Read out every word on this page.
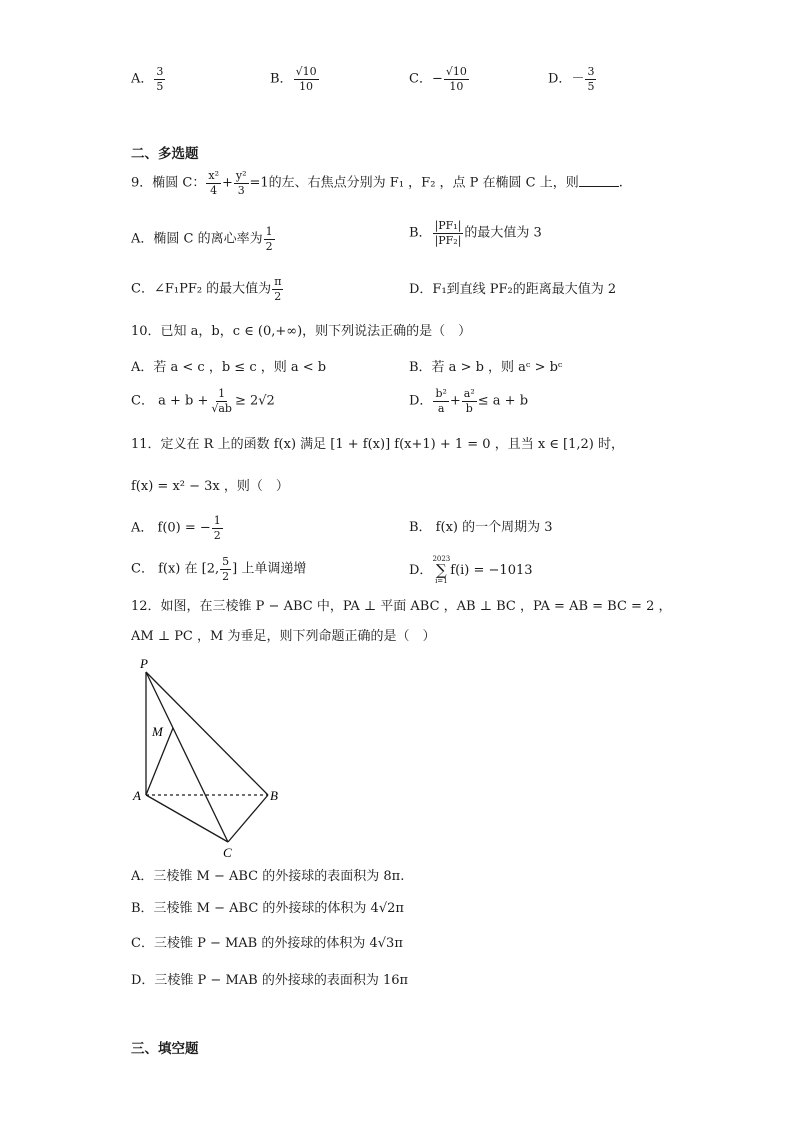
A． $\frac{3}{5}$	B． $\frac{√10}{10}$	C．− $\frac{√10}{10}$	D．－ $\frac{3}{5}$
二、多选题
9．椭圆 C： $\frac{\text{x²}}{4} + \frac{\text{y²}}{3} =1$的左、右焦点分别为 F₁ ，F₂ ，点 P 在椭圆 C 上，则	.
A．椭圆 C 的离心率为 $\frac{1}{2}$	B． $\frac{\text{|PF₁|}}{\text{|PF₂|}}$ 的最大值为 3
C．∠F₁PF₂ 的最大值为 $\frac{\pi}{2}$	D．F₁到直线 PF₂的距离最大值为 2
10．已知 a，b，c ∈ (0,+∞)，则下列说法正确的是（　）
A．若 a < c ，b ≤ c ，则 a < b	B．若 a > b ，则 aᶜ > bᶜ
C． $a + b + \frac{1}{√ab} \ge 2√2$	D． $\frac{\text{b²}}{a} + \frac{\text{a²}}{b} \le a + b$
11．定义在 R 上的函数 f(x) 满足 [1 + f(x)] f(x+1) + 1 = 0 ，且当 x ∈ [1,2) 时，
f(x) = x² − 3x ，则（　）
A． f(0) = − $\frac{1}{2}$	B． f(x) 的一个周期为 3
C． f(x) 在 [2, $\frac{5}{2}$ ] 上单调递增	D．
2023
∑
i=1
f(i) = −1013
12．如图，在三棱锥 P − ABC 中，PA ⊥ 平面 ABC ，AB ⊥ BC ，PA = AB = BC = 2 ，
AM ⊥ PC ，M 为垂足，则下列命题正确的是（　）
P
M
A	B
C
A．三棱锥 M − ABC 的外接球的表面积为 8π.
B．三棱锥 M − ABC 的外接球的体积为 4√2π
C．三棱锥 P − MAB 的外接球的体积为 4√3π
D．三棱锥 P − MAB 的外接球的表面积为 16π
三、填空题
